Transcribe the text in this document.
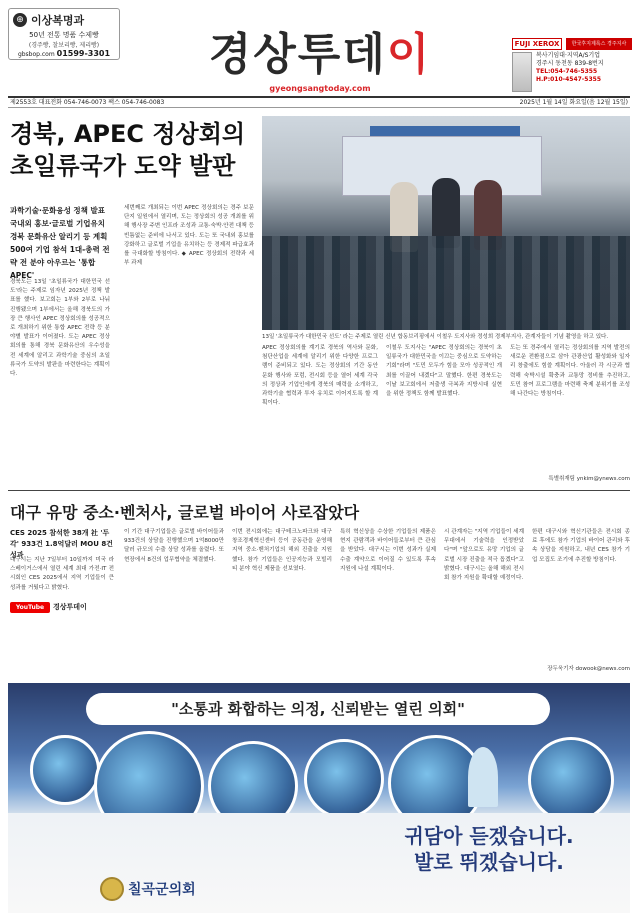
⊕ 이상복명과
50년 전통 명품 수제빵
(경주빵, 찰보리빵, 제리빵)
gbsbop.com 01599-3301	경상투데이
gyeongsangtoday.com
FUJI XEROX	한국후지제록스 경주지사
복사기임대·지역A/S기업
경주시 동천동 839-8번지
TEL:054-746-5355
H.P:010-4547-5355
제2553호 대표전화 054-746-0073 팩스 054-746-0083	2025년 1월 14일 화요일(음 12월 15일)
경북, APEC 정상회의
초일류국가 도약 발판
13일 '초일류국가 대한민국 선도' 라는 주제로 열린 신년 합동브리핑에서 이철우 도지사와 정성희 경제부지사, 관계자들이 기념 촬영을 하고 있다.
과학기술·문화융성 정책 발표 국내외 홍보·글로벌 기업유치 경북 문화유산 알리기 등 계획 500여 기업 참석 1대-총력 전략 전 분야 아우르는 '통합 APEC'
경북도는 13일 '초일류국가 대한민국 선도'라는 주제로 임자년 2025년 정책 발표를 했다. 보고회는 1부와 2부로 나눠 진행됐으며 1부에서는 올해 경북도의 가장 큰 행사인 APEC 정상회의를 성공적으로 개최하기 위한 통합 APEC 전략 등 분야별 발표가 이어졌다. 도는 APEC 정상회의를 통해 경북 문화유산의 우수성을 전 세계에 알리고 과학기술 중심의 초일류국가 도약의 발판을 마련한다는 계획이다.
세번째로 개최되는 이번 APEC 정상회의는 경주 보문단지 일원에서 열리며, 도는 정상회의 성공 개최를 위해 행사장 주변 인프라 조성과 교통·숙박·안전 대책 등 빈틈없는 준비에 나서고 있다. 도는 또 국내외 홍보를 강화하고 글로벌 기업을 유치하는 등 경제적 파급효과를 극대화할 방침이다. ◆ APEC 정상회의 전략과 세부 과제
APEC 정상회의를 계기로 경북의 역사와 문화, 첨단산업을 세계에 알리기 위한 다양한 프로그램이 준비되고 있다. 도는 정상회의 기간 동안 문화 행사와 포럼, 전시회 등을 열어 세계 각국의 정상과 기업인에게 경북의 매력을 소개하고, 과학기술 협력과 투자 유치로 이어지도록 할 계획이다.
이철우 도지사는 "APEC 정상회의는 경북이 초일류국가 대한민국을 이끄는 중심으로 도약하는 기회"라며 "도민 모두가 힘을 모아 성공적인 개최를 이끌어 내겠다"고 말했다. 한편 경북도는 이날 보고회에서 저출생 극복과 지방시대 실현을 위한 정책도 함께 발표했다.
도는 또 경주에서 열리는 정상회의를 지역 발전의 새로운 전환점으로 삼아 관광산업 활성화와 일자리 창출에도 힘쓸 계획이다. 아울러 각 시군과 협력해 숙박시설 확충과 교통망 정비를 추진하고, 도민 참여 프로그램을 마련해 축제 분위기를 조성해 나간다는 방침이다.
특별취재팀 ynkim@ynews.com
대구 유망 중소·벤처사, 글로벌 바이어 사로잡았다
CES 2025 참석한 38개 社 '두각' 933건 1.8억달러 MOU 8건 성과
대구시는 지난 7일부터 10일까지 미국 라스베이거스에서 열린 세계 최대 가전·IT 전시회인 CES 2025에서 지역 기업들이 큰 성과를 거뒀다고 밝혔다.
YouTube 경상투데이
이 기간 대구기업들은 글로벌 바이어들과 933건의 상담을 진행했으며 1억8000만 달러 규모의 수출 상담 성과를 올렸다. 또 현장에서 8건의 업무협약을 체결했다.
이번 전시회에는 대구테크노파크와 대구창조경제혁신센터 등이 공동관을 운영해 지역 중소·벤처기업의 해외 진출을 지원했다. 참가 기업들은 인공지능과 모빌리티 분야 혁신 제품을 선보였다.
특히 혁신상을 수상한 기업들의 제품은 현지 관람객과 바이어들로부터 큰 관심을 받았다. 대구시는 이번 성과가 실제 수출 계약으로 이어질 수 있도록 후속 지원에 나설 계획이다.
시 관계자는 "지역 기업들이 세계 무대에서 기술력을 인정받았다"며 "앞으로도 유망 기업의 글로벌 시장 진출을 적극 돕겠다"고 밝혔다. 대구시는 올해 해외 전시회 참가 지원을 확대할 예정이다.
한편 대구시와 혁신기관들은 전시회 종료 후에도 참가 기업의 바이어 관리와 후속 상담을 지원하고, 내년 CES 참가 기업 모집도 조기에 추진할 방침이다.
장두욱기자 dowook@news.com
"소통과 화합하는 의정, 신뢰받는 열린 의회"
귀담아 듣겠습니다.
발로 뛰겠습니다.
칠곡군의회
